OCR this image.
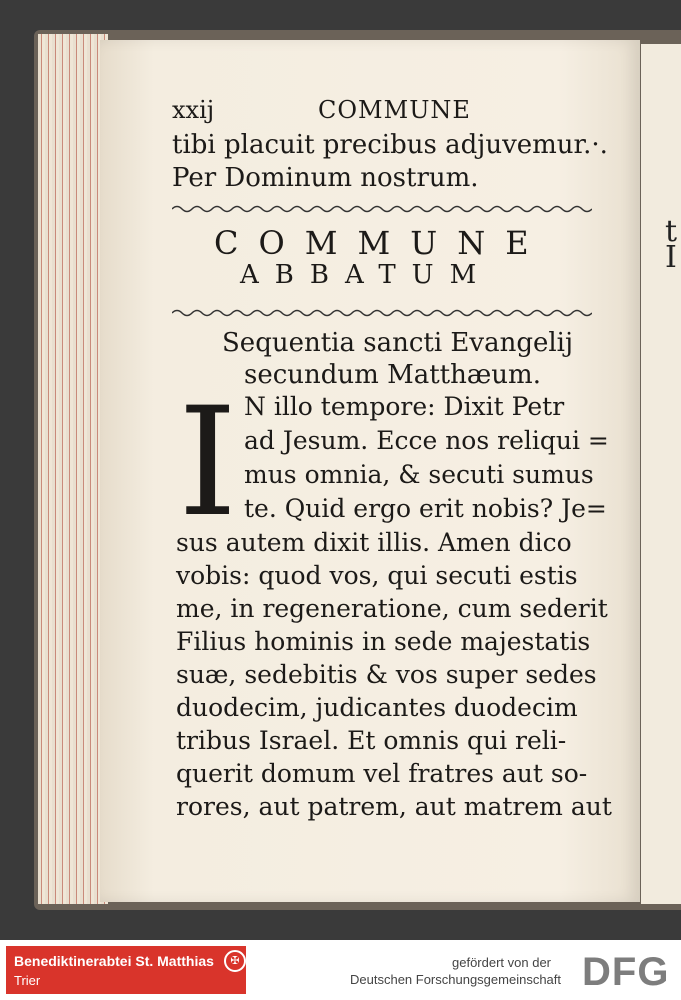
t
I
xxij	COMMUNE
tibi placuit precibus adjuvemur.·.
Per Dominum nostrum.
COMMUNE
ABBATUM
Sequentia sancti Evangelij
secundum Matthæum.
I N illo tempore: Dixit Petr
ad Jesum. Ecce nos reliqui =
mus omnia, & secuti sumus
te. Quid ergo erit nobis? Je=
sus autem dixit illis. Amen dico
vobis: quod vos, qui secuti estis
me, in regeneratione, cum sederit
Filius hominis in sede majestatis
suæ, sedebitis & vos super sedes
duodecim, judicantes duodecim
tribus Israel. Et omnis qui reli-
querit domum vel fratres aut so-
rores, aut patrem, aut matrem aut
Benediktinerabtei St. Matthias
Trier
✠	gefördert von der
Deutschen Forschungsgemeinschaft DFG
